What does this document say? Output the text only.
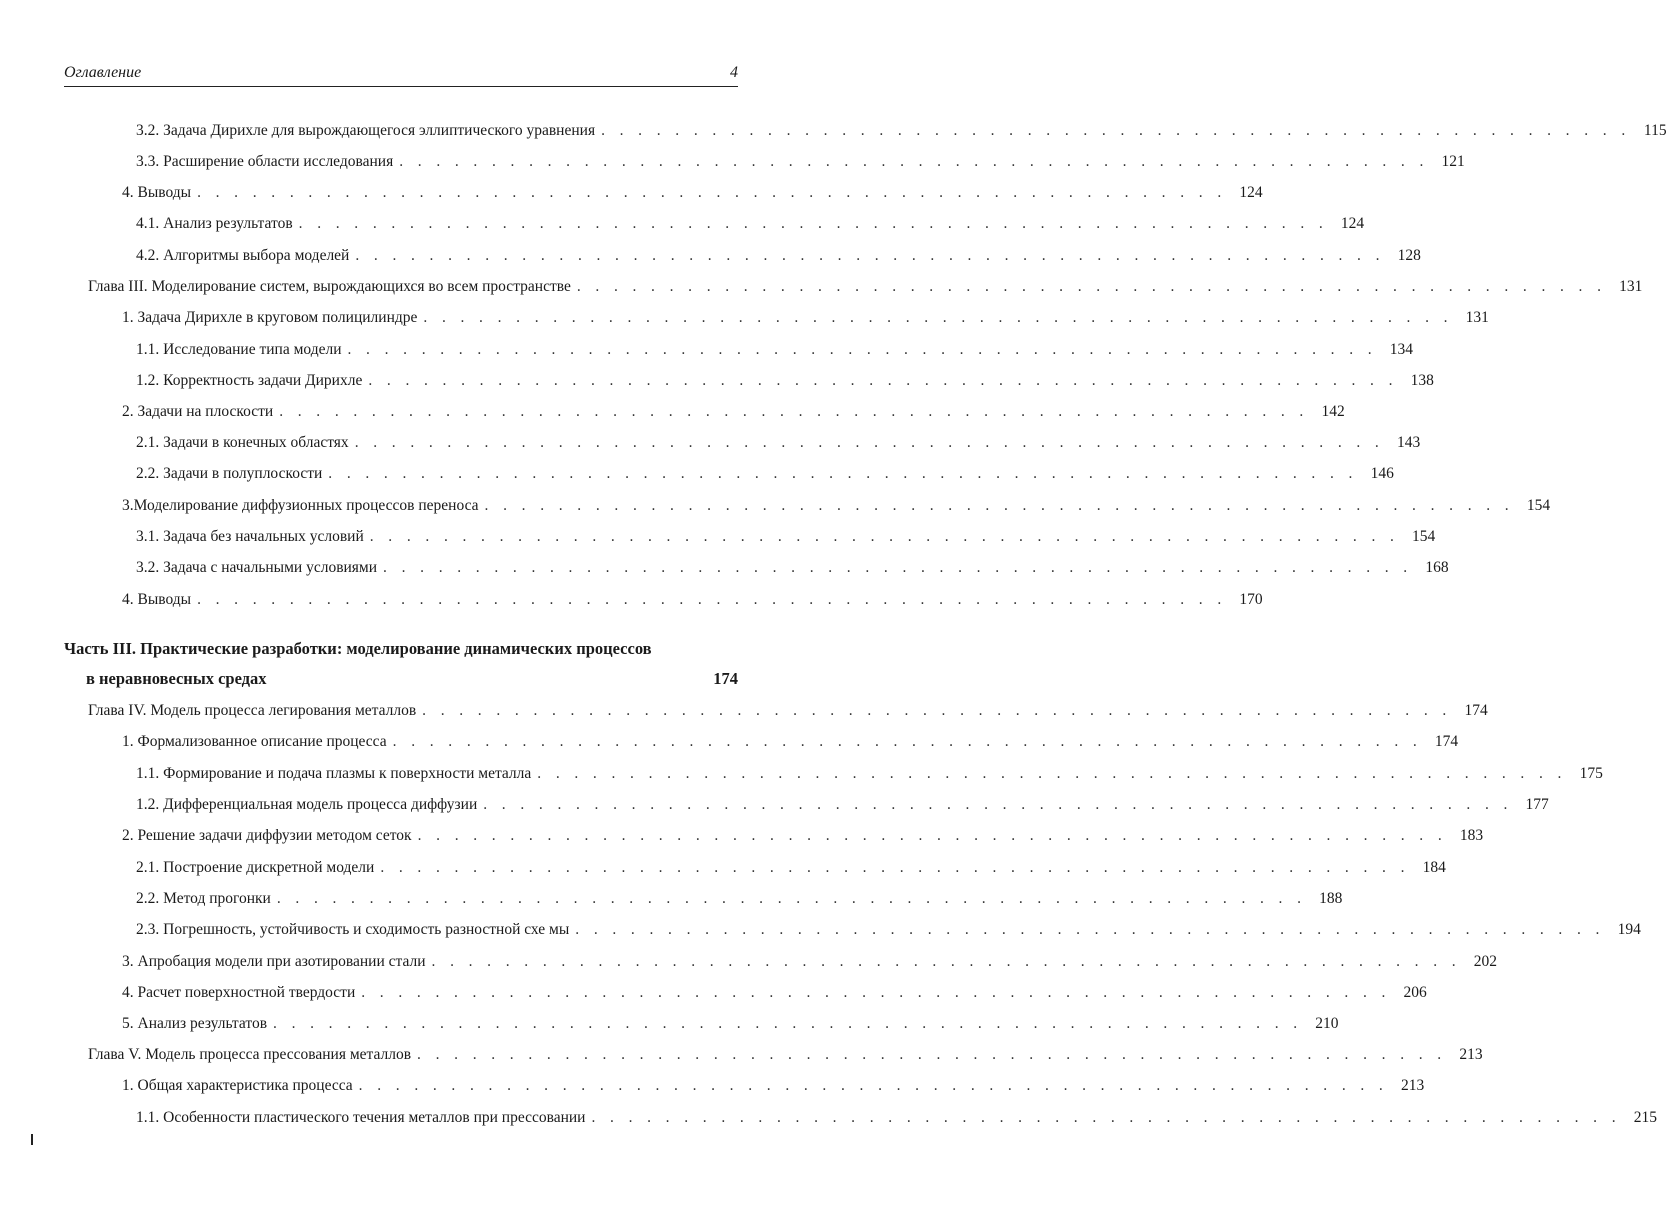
Оглавление	4
3.2. Задача Дирихле для вырождающегося эллиптического уравнения . . . . . . . . . . . . . . . . . . . . . . . . . . . . . . . . . . . . . . . . . . . . . . . . . . . . . . . . 115
3.3. Расширение области исследования . . . . . . . . . . . . . . . . . . . . . . . . . . . . . . . . . . . . . . . . . . . . . . . . . . . . . . . . 121
4. Выводы . . . . . . . . . . . . . . . . . . . . . . . . . . . . . . . . . . . . . . . . . . . . . . . . . . . . . . . . 124
4.1. Анализ результатов . . . . . . . . . . . . . . . . . . . . . . . . . . . . . . . . . . . . . . . . . . . . . . . . . . . . . . . . 124
4.2. Алгоритмы выбора моделей . . . . . . . . . . . . . . . . . . . . . . . . . . . . . . . . . . . . . . . . . . . . . . . . . . . . . . . . 128
Глава III. Моделирование систем, вырождающихся во всем пространстве . . . . . . . . . . . . . . . . . . . . . . . . . . . . . . . . . . . . . . . . . . . . . . . . . . . . . . . . 131
1. Задача Дирихле в круговом полицилиндре . . . . . . . . . . . . . . . . . . . . . . . . . . . . . . . . . . . . . . . . . . . . . . . . . . . . . . . . 131
1.1. Исследование типа модели . . . . . . . . . . . . . . . . . . . . . . . . . . . . . . . . . . . . . . . . . . . . . . . . . . . . . . . . 134
1.2. Корректность задачи Дирихле . . . . . . . . . . . . . . . . . . . . . . . . . . . . . . . . . . . . . . . . . . . . . . . . . . . . . . . . 138
2. Задачи на плоскости . . . . . . . . . . . . . . . . . . . . . . . . . . . . . . . . . . . . . . . . . . . . . . . . . . . . . . . . 142
2.1. Задачи в конечных областях . . . . . . . . . . . . . . . . . . . . . . . . . . . . . . . . . . . . . . . . . . . . . . . . . . . . . . . . 143
2.2. Задачи в полуплоскости . . . . . . . . . . . . . . . . . . . . . . . . . . . . . . . . . . . . . . . . . . . . . . . . . . . . . . . . 146
3.Моделирование диффузионных процессов переноса . . . . . . . . . . . . . . . . . . . . . . . . . . . . . . . . . . . . . . . . . . . . . . . . . . . . . . . . 154
3.1. Задача без начальных условий . . . . . . . . . . . . . . . . . . . . . . . . . . . . . . . . . . . . . . . . . . . . . . . . . . . . . . . . 154
3.2. Задача с начальными условиями . . . . . . . . . . . . . . . . . . . . . . . . . . . . . . . . . . . . . . . . . . . . . . . . . . . . . . . . 168
4. Выводы . . . . . . . . . . . . . . . . . . . . . . . . . . . . . . . . . . . . . . . . . . . . . . . . . . . . . . . . 170
Часть III. Практические разработки: моделирование динамических процессов
в неравновесных средах	174
Глава IV. Модель процесса легирования металлов . . . . . . . . . . . . . . . . . . . . . . . . . . . . . . . . . . . . . . . . . . . . . . . . . . . . . . . . 174
1. Формализованное описание процесса . . . . . . . . . . . . . . . . . . . . . . . . . . . . . . . . . . . . . . . . . . . . . . . . . . . . . . . . 174
1.1. Формирование и подача плазмы к поверхности металла . . . . . . . . . . . . . . . . . . . . . . . . . . . . . . . . . . . . . . . . . . . . . . . . . . . . . . . . 175
1.2. Дифференциальная модель процесса диффузии . . . . . . . . . . . . . . . . . . . . . . . . . . . . . . . . . . . . . . . . . . . . . . . . . . . . . . . . 177
2. Решение задачи диффузии методом сеток . . . . . . . . . . . . . . . . . . . . . . . . . . . . . . . . . . . . . . . . . . . . . . . . . . . . . . . . 183
2.1. Построение дискретной модели . . . . . . . . . . . . . . . . . . . . . . . . . . . . . . . . . . . . . . . . . . . . . . . . . . . . . . . . 184
2.2. Метод прогонки . . . . . . . . . . . . . . . . . . . . . . . . . . . . . . . . . . . . . . . . . . . . . . . . . . . . . . . . 188
2.3. Погрешность, устойчивость и сходимость разностной схе мы . . . . . . . . . . . . . . . . . . . . . . . . . . . . . . . . . . . . . . . . . . . . . . . . . . . . . . . . 194
3. Апробация модели при азотировании стали . . . . . . . . . . . . . . . . . . . . . . . . . . . . . . . . . . . . . . . . . . . . . . . . . . . . . . . . 202
4. Расчет поверхностной твердости . . . . . . . . . . . . . . . . . . . . . . . . . . . . . . . . . . . . . . . . . . . . . . . . . . . . . . . . 206
5. Анализ результатов . . . . . . . . . . . . . . . . . . . . . . . . . . . . . . . . . . . . . . . . . . . . . . . . . . . . . . . . 210
Глава V. Модель процесса прессования металлов . . . . . . . . . . . . . . . . . . . . . . . . . . . . . . . . . . . . . . . . . . . . . . . . . . . . . . . . 213
1. Общая характеристика процесса . . . . . . . . . . . . . . . . . . . . . . . . . . . . . . . . . . . . . . . . . . . . . . . . . . . . . . . . 213
1.1. Особенности пластического течения металлов при прессовании . . . . . . . . . . . . . . . . . . . . . . . . . . . . . . . . . . . . . . . . . . . . . . . . . . . . . . . . 215
